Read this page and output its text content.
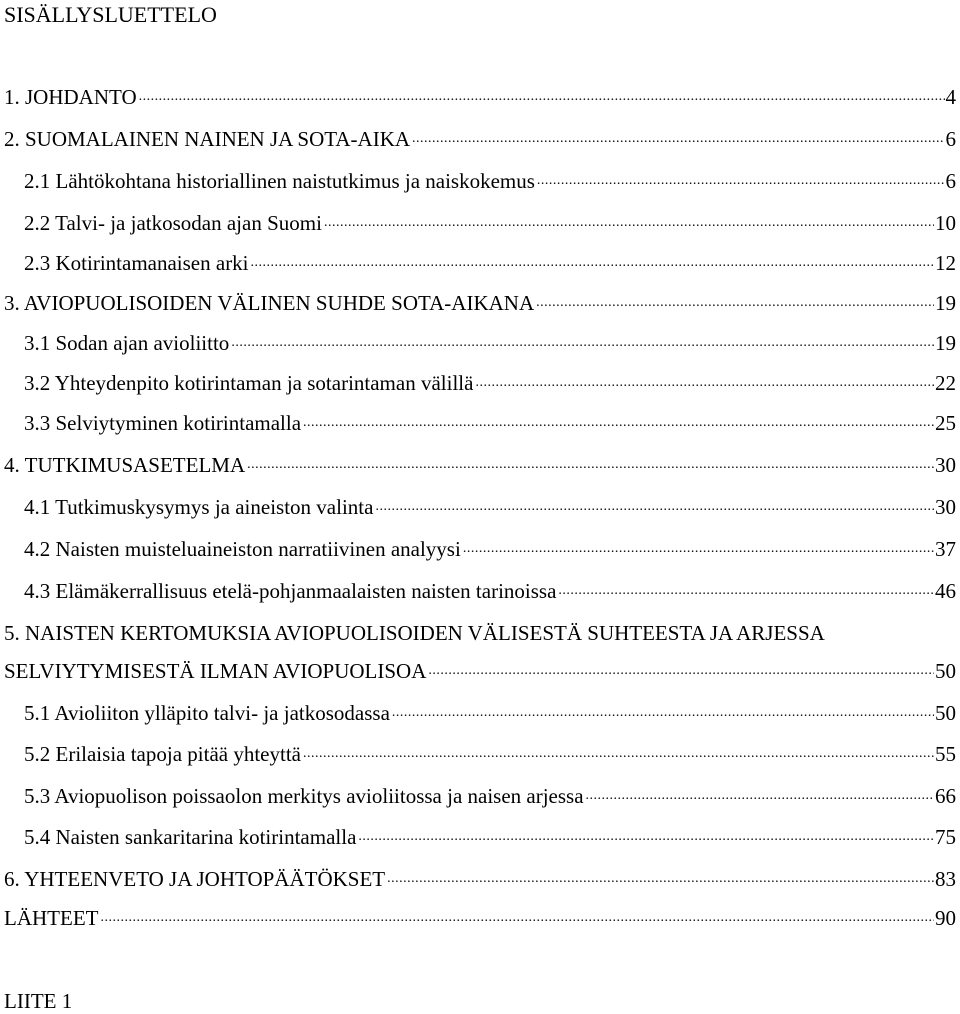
SISÄLLYSLUETTELO
1. JOHDANTO .....	4
2. SUOMALAINEN NAINEN JA SOTA-AIKA .....	6
2.1 Lähtökohtana historiallinen naistutkimus ja naiskokemus .....	6
2.2 Talvi- ja jatkosodan ajan Suomi .....	10
2.3 Kotirintamanaisen arki .....	12
3. AVIOPUOLISOIDEN VÄLINEN SUHDE SOTA-AIKANA .....	19
3.1 Sodan ajan avioliitto .....	19
3.2 Yhteydenpito kotirintaman ja sotarintaman välillä .....	22
3.3 Selviytyminen kotirintamalla .....	25
4. TUTKIMUSASETELMA .....	30
4.1 Tutkimuskysymys ja aineiston valinta .....	30
4.2 Naisten muisteluaineiston narratiivinen analyysi .....	37
4.3 Elämäkerrallisuus etelä-pohjanmaalaisten naisten tarinoissa .....	46
5. NAISTEN KERTOMUKSIA AVIOPUOLISOIDEN VÄLISESTÄ SUHTEESTA JA ARJESSA
SELVIYTYMISESTÄ ILMAN AVIOPUOLISOA .....	50
5.1 Avioliiton ylläpito talvi- ja jatkosodassa .....	50
5.2 Erilaisia tapoja pitää yhteyttä .....	55
5.3 Aviopuolison poissaolon merkitys avioliitossa ja naisen arjessa .....	66
5.4 Naisten sankaritarina kotirintamalla .....	75
6. YHTEENVETO JA JOHTOPÄÄTÖKSET .....	83
LÄHTEET .....	90
LIITE 1
